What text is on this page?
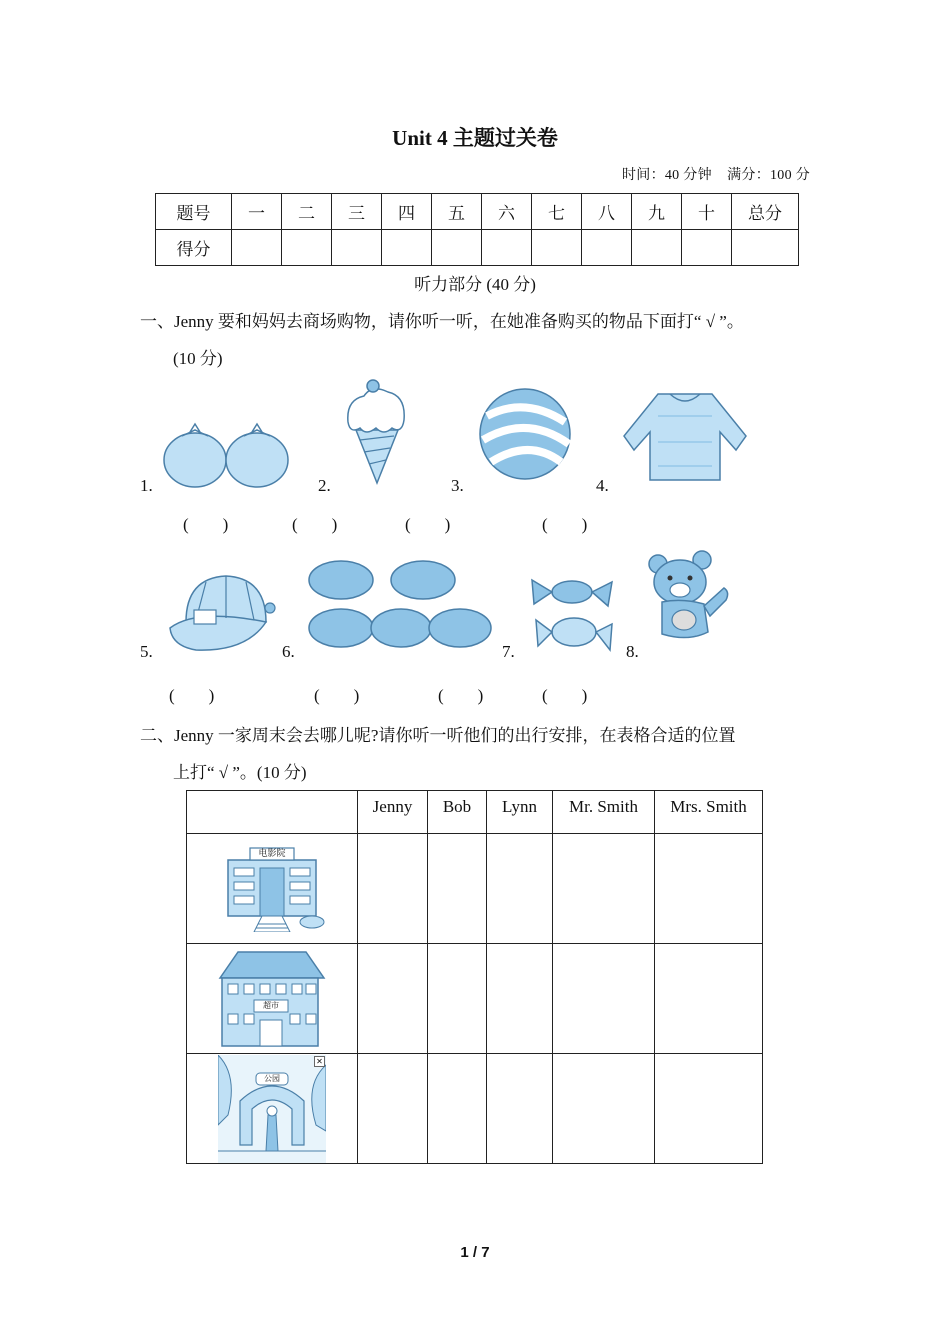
Unit 4 主题过关卷
时间：40 分钟 满分：100 分
题号	一	二	三	四	五	六	七	八	九	十	总分
得分											
听力部分 (40 分)
一、Jenny 要和妈妈去商场购物，请你听一听，在她准备购买的物品下面打“ √ ”。
(10 分)
1.	2.	3.	4.
(        )	(        )	(        )	(        )
5.	6.	7.	8.
(        )	(        )	(        )	(        )
二、Jenny 一家周末会去哪儿呢?请你听一听他们的出行安排，在表格合适的位置
上打“ √ ”。(10 分)
	Jenny	Bob	Lynn	Mr. Smith	Mrs. Smith

电影院					

超市					

公园
✕					

1 / 7
